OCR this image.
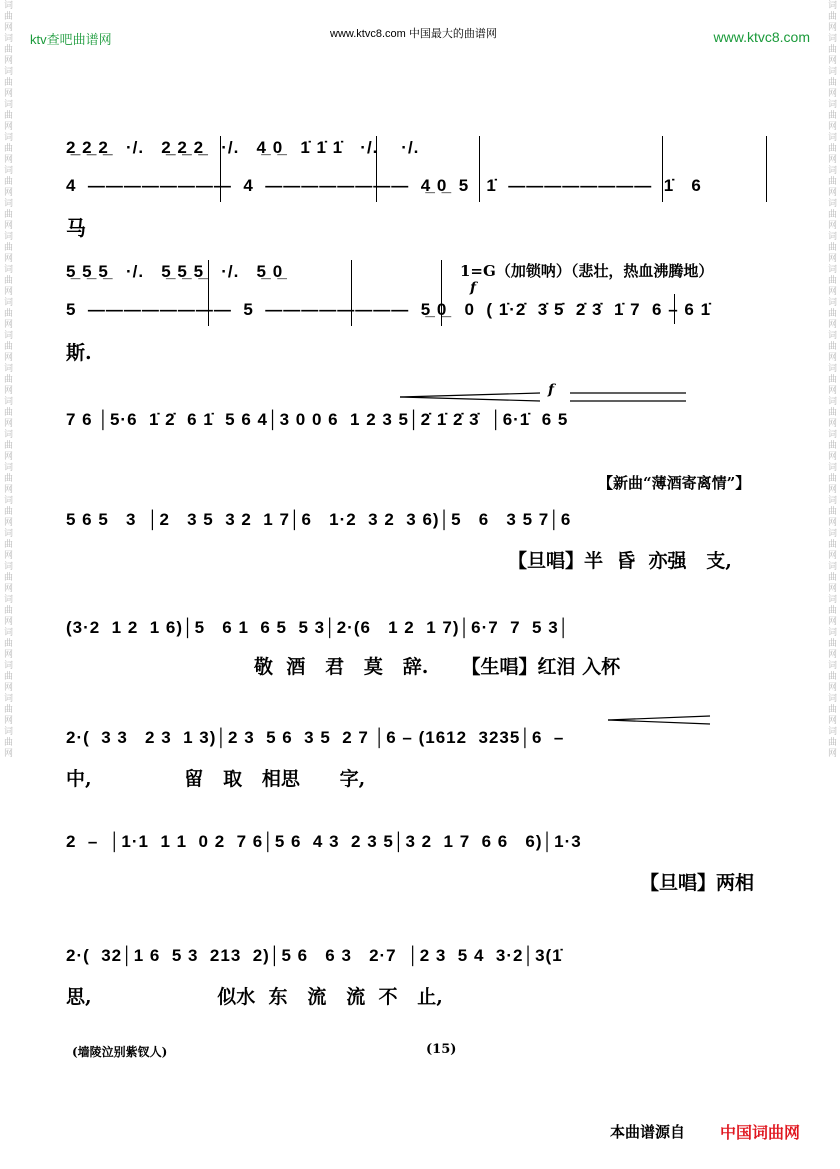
词曲网词曲网词曲网词曲网词曲网词曲网词曲网词曲网词曲网词曲网词曲网词曲网词曲网词曲网词曲网词曲网词曲网词曲网词曲网词曲网词曲网词曲网词曲网	词曲网词曲网词曲网词曲网词曲网词曲网词曲网词曲网词曲网词曲网词曲网词曲网词曲网词曲网词曲网词曲网词曲网词曲网词曲网词曲网词曲网词曲网词曲网
ktv查吧曲谱网	www.ktvc8.com 中国最大的曲谱网	www.ktvc8.com
2̲̲ 2̲̲ 2̲̲   ·/.   2̲̲ 2̲̲ 2̲̲   ·/.   4̲ 0̲   1̇ 1̇ 1̇   ·/.    ·/.
4  ————————  4  ————————  4̲ 0̲  5   1̇  ————————  1̇   6
马
5̲ 5̲ 5̲   ·/.   5̲ 5̲ 5̲   ·/.   5̲ 0̲	1=G（加锁呐）（悲壮，热血沸腾地）
f
5  ————————  5  ————————  5̲ 0̲   0  ( 1̇·2̇  3̇ 5̇  2̇ 3̇  1̇ 7  6 – 6 1̇
斯.
7 6 │5·6  1̇ 2̇  6 1̇  5 6 4│3 0 0 6  1 2 3 5│2̇ 1̇ 2̇ 3̇  │6·1̇  6 5
f
【新曲“薄酒寄离情”】
5 6 5   3  │2   3 5  3 2  1 7│6   1·2  3 2  3 6)│5   6   3 5 7│6
【旦唱】半  昏  亦强   支,
(3·2  1 2  1 6)│5   6 1  6 5  5 3│2·(6   1 2  1 7)│6·7  7  5 3│
敬  酒   君   莫   辞.     【生唱】红泪 入杯
2·(  3 3   2 3  1 3)│2 3  5 6  3 5  2 7 │6 – (1612  3235│6  –
中,              留   取   相思      字,
2  –  │1·1  1 1  0 2  7 6│5 6  4 3  2 3 5│3 2  1 7  6 6   6)│1·3
【旦唱】两相
2·(  32│1 6  5 3  213  2)│5 6   6 3   2·7  │2 3  5 4  3·2│3(1̇
思,                   似水  东   流   流  不   止,
(墙陵泣别紫钗人)	(15)
本曲谱源自 中国词曲网
